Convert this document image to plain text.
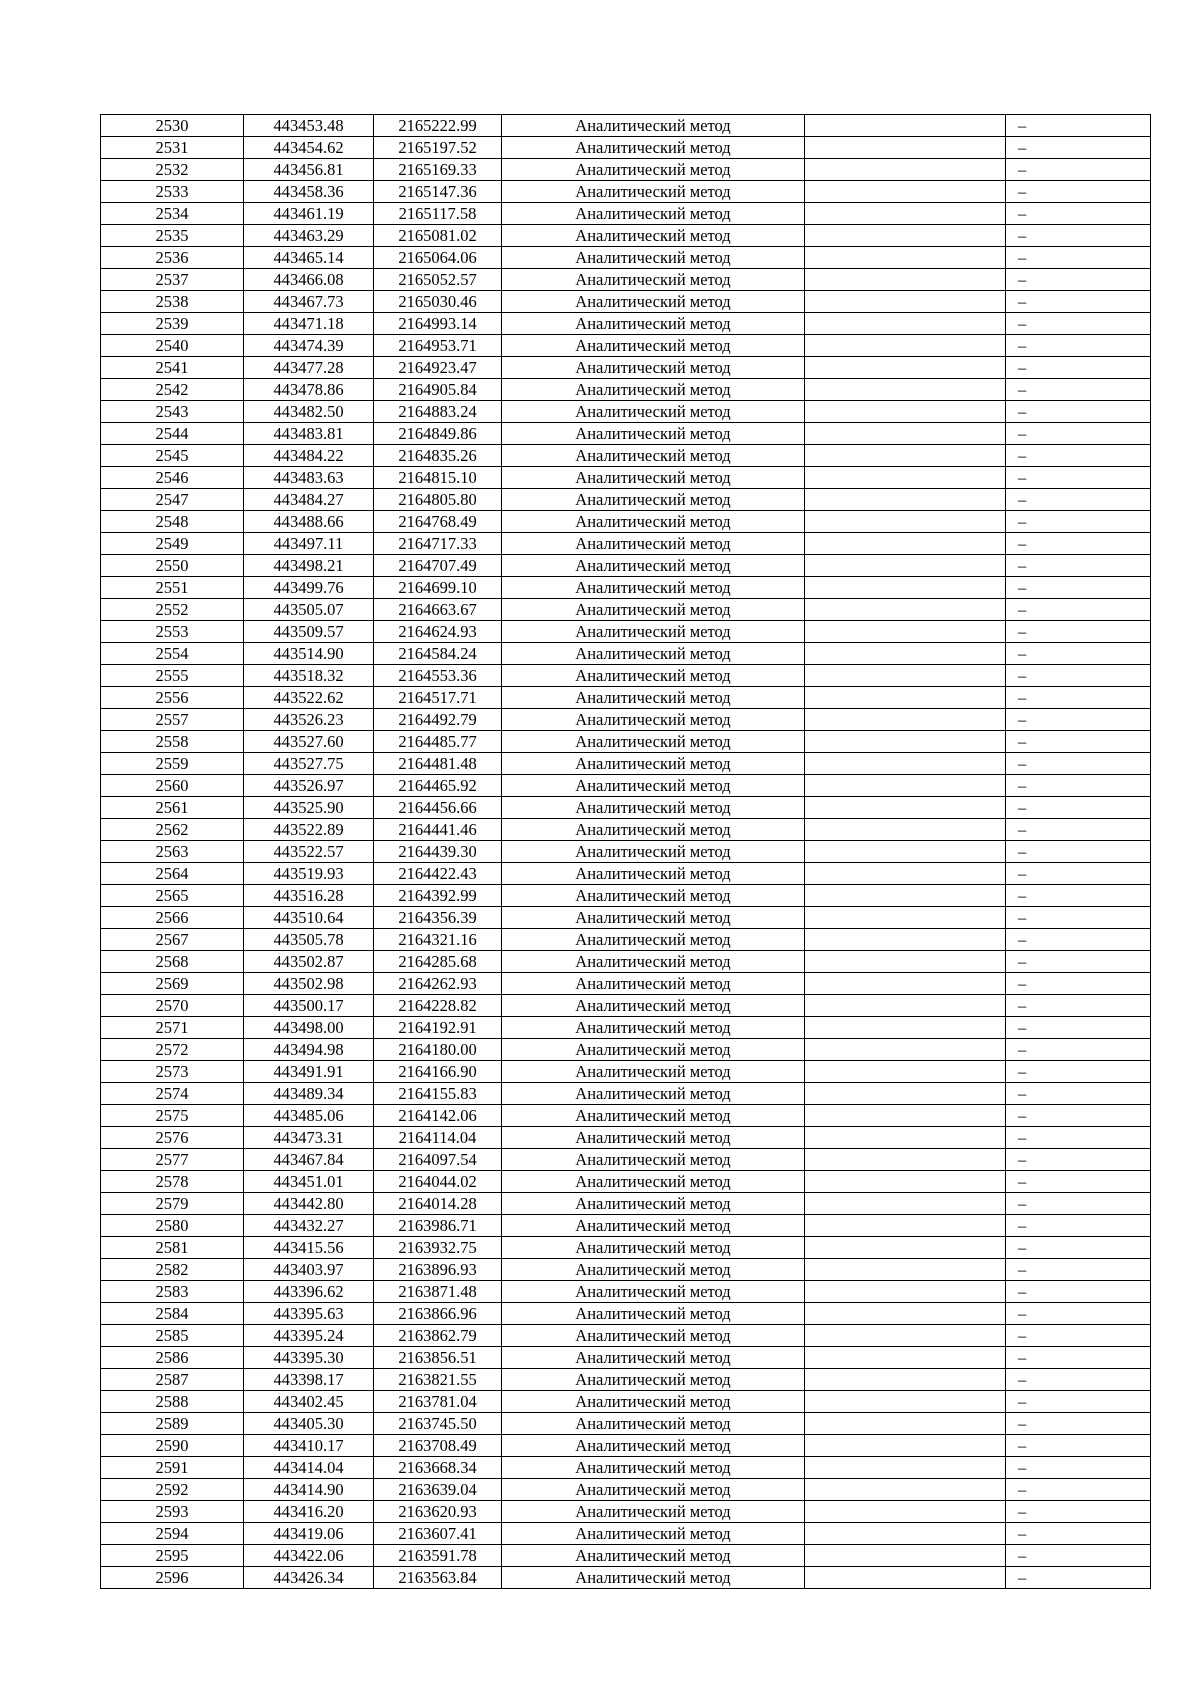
2530	443453.48	2165222.99	Аналитический метод		–
2531	443454.62	2165197.52	Аналитический метод		–
2532	443456.81	2165169.33	Аналитический метод		–
2533	443458.36	2165147.36	Аналитический метод		–
2534	443461.19	2165117.58	Аналитический метод		–
2535	443463.29	2165081.02	Аналитический метод		–
2536	443465.14	2165064.06	Аналитический метод		–
2537	443466.08	2165052.57	Аналитический метод		–
2538	443467.73	2165030.46	Аналитический метод		–
2539	443471.18	2164993.14	Аналитический метод		–
2540	443474.39	2164953.71	Аналитический метод		–
2541	443477.28	2164923.47	Аналитический метод		–
2542	443478.86	2164905.84	Аналитический метод		–
2543	443482.50	2164883.24	Аналитический метод		–
2544	443483.81	2164849.86	Аналитический метод		–
2545	443484.22	2164835.26	Аналитический метод		–
2546	443483.63	2164815.10	Аналитический метод		–
2547	443484.27	2164805.80	Аналитический метод		–
2548	443488.66	2164768.49	Аналитический метод		–
2549	443497.11	2164717.33	Аналитический метод		–
2550	443498.21	2164707.49	Аналитический метод		–
2551	443499.76	2164699.10	Аналитический метод		–
2552	443505.07	2164663.67	Аналитический метод		–
2553	443509.57	2164624.93	Аналитический метод		–
2554	443514.90	2164584.24	Аналитический метод		–
2555	443518.32	2164553.36	Аналитический метод		–
2556	443522.62	2164517.71	Аналитический метод		–
2557	443526.23	2164492.79	Аналитический метод		–
2558	443527.60	2164485.77	Аналитический метод		–
2559	443527.75	2164481.48	Аналитический метод		–
2560	443526.97	2164465.92	Аналитический метод		–
2561	443525.90	2164456.66	Аналитический метод		–
2562	443522.89	2164441.46	Аналитический метод		–
2563	443522.57	2164439.30	Аналитический метод		–
2564	443519.93	2164422.43	Аналитический метод		–
2565	443516.28	2164392.99	Аналитический метод		–
2566	443510.64	2164356.39	Аналитический метод		–
2567	443505.78	2164321.16	Аналитический метод		–
2568	443502.87	2164285.68	Аналитический метод		–
2569	443502.98	2164262.93	Аналитический метод		–
2570	443500.17	2164228.82	Аналитический метод		–
2571	443498.00	2164192.91	Аналитический метод		–
2572	443494.98	2164180.00	Аналитический метод		–
2573	443491.91	2164166.90	Аналитический метод		–
2574	443489.34	2164155.83	Аналитический метод		–
2575	443485.06	2164142.06	Аналитический метод		–
2576	443473.31	2164114.04	Аналитический метод		–
2577	443467.84	2164097.54	Аналитический метод		–
2578	443451.01	2164044.02	Аналитический метод		–
2579	443442.80	2164014.28	Аналитический метод		–
2580	443432.27	2163986.71	Аналитический метод		–
2581	443415.56	2163932.75	Аналитический метод		–
2582	443403.97	2163896.93	Аналитический метод		–
2583	443396.62	2163871.48	Аналитический метод		–
2584	443395.63	2163866.96	Аналитический метод		–
2585	443395.24	2163862.79	Аналитический метод		–
2586	443395.30	2163856.51	Аналитический метод		–
2587	443398.17	2163821.55	Аналитический метод		–
2588	443402.45	2163781.04	Аналитический метод		–
2589	443405.30	2163745.50	Аналитический метод		–
2590	443410.17	2163708.49	Аналитический метод		–
2591	443414.04	2163668.34	Аналитический метод		–
2592	443414.90	2163639.04	Аналитический метод		–
2593	443416.20	2163620.93	Аналитический метод		–
2594	443419.06	2163607.41	Аналитический метод		–
2595	443422.06	2163591.78	Аналитический метод		–
2596	443426.34	2163563.84	Аналитический метод		–
